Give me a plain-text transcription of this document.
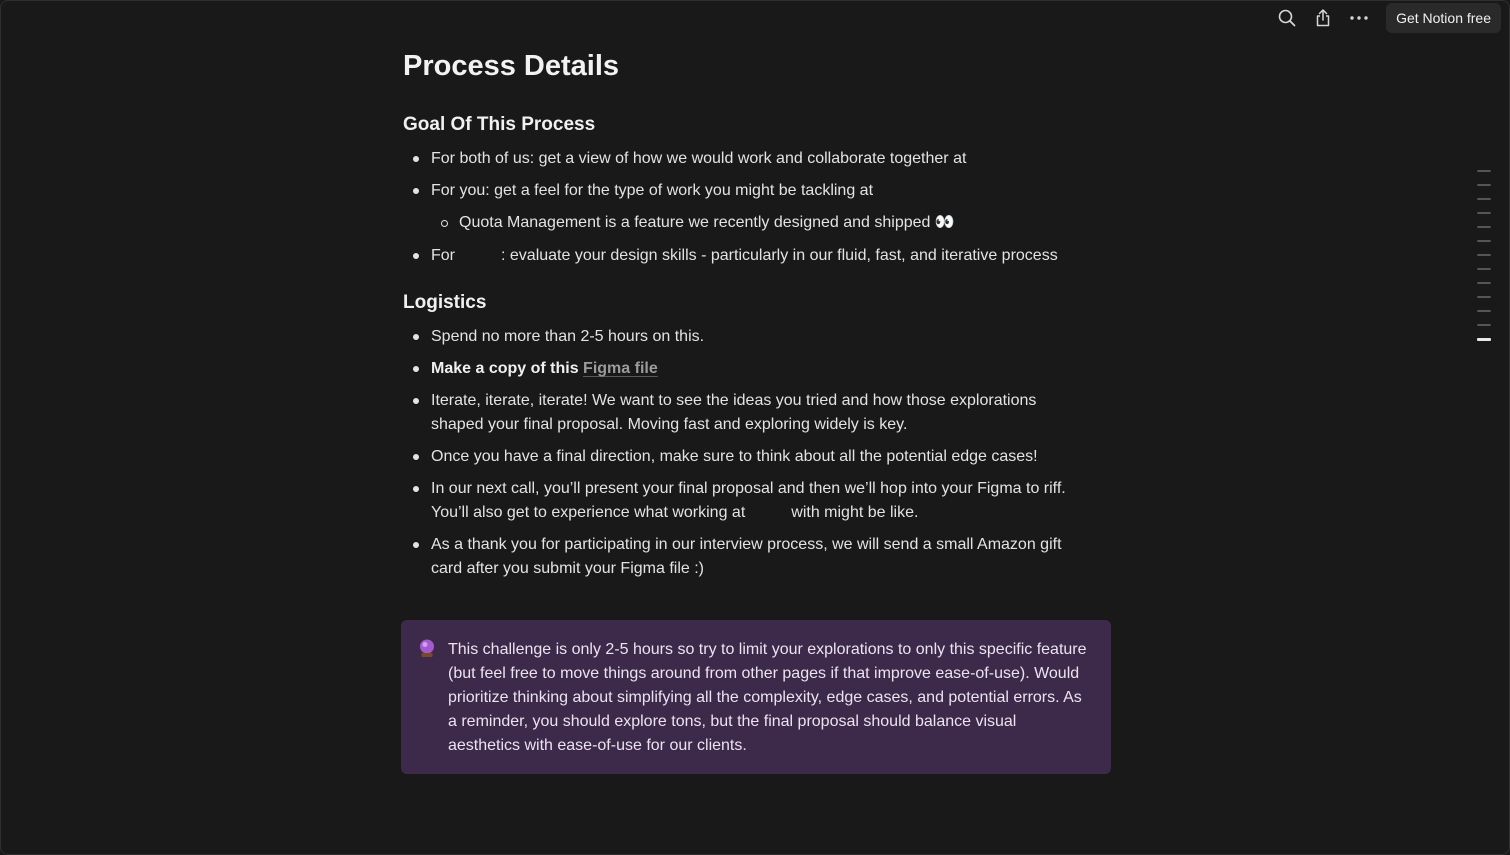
Get Notion free
Process Details
Goal Of This Process
For both of us: get a view of how we would work and collaborate together at
For you: get a feel for the type of work you might be tackling at
Quota Management is a feature we recently designed and shipped 👀
For	: evaluate your design skills - particularly in our fluid, fast, and iterative process
Logistics
Spend no more than 2-5 hours on this.
Make a copy of this Figma file
Iterate, iterate, iterate! We want to see the ideas you tried and how those explorations shaped your final proposal. Moving fast and exploring widely is key.
Once you have a final direction, make sure to think about all the potential edge cases!
In our next call, you’ll present your final proposal and then we’ll hop into your Figma to riff. You’ll also get to experience what working at	with might be like.
As a thank you for participating in our interview process, we will send a small Amazon gift card after you submit your Figma file :)
This challenge is only 2-5 hours so try to limit your explorations to only this specific feature (but feel free to move things around from other pages if that improve ease-of-use). Would prioritize thinking about simplifying all the complexity, edge cases, and potential errors. As a reminder, you should explore tons, but the final proposal should balance visual aesthetics with ease-of-use for our clients.
